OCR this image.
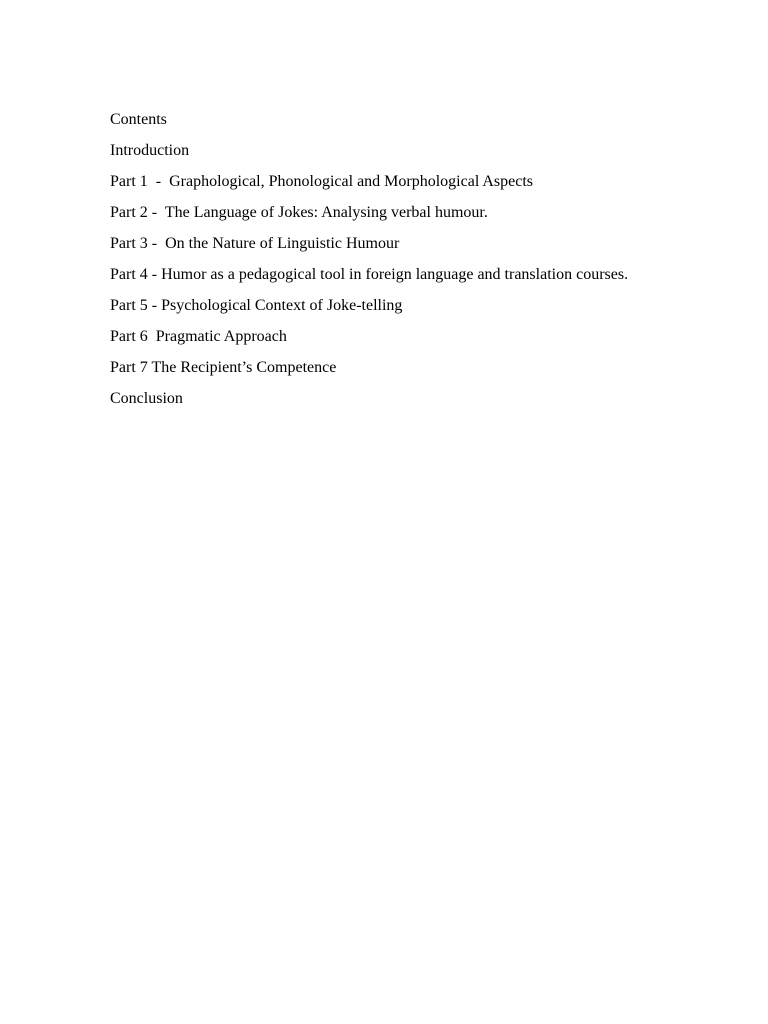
Contents
Introduction
Part 1  -  Graphological, Phonological and Morphological Aspects
Part 2 -  The Language of Jokes: Analysing verbal humour.
Part 3 -  On the Nature of Linguistic Humour
Part 4 - Humor as a pedagogical tool in foreign language and translation courses.
Part 5 - Psychological Context of Joke-telling
Part 6  Pragmatic Approach
Part 7 The Recipient’s Competence
Conclusion
